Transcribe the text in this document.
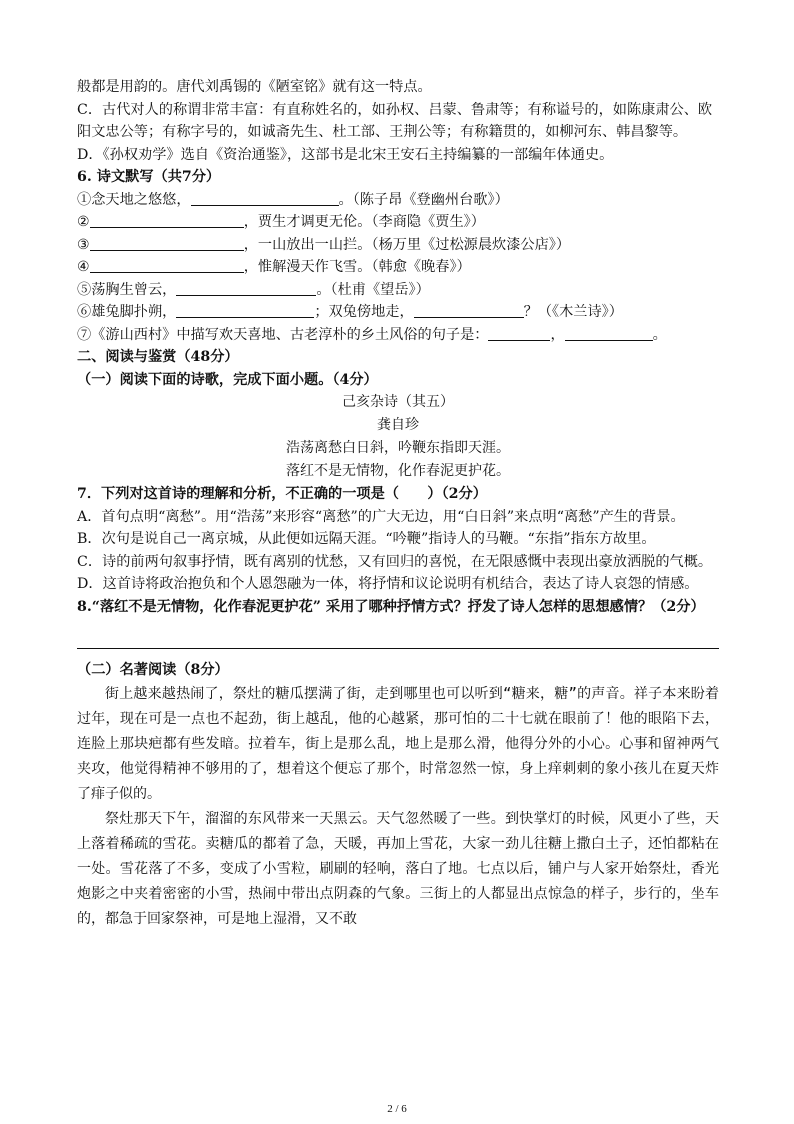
般都是用韵的。唐代刘禹锡的《陋室铭》就有这一特点。

C．古代对人的称谓非常丰富：有直称姓名的，如孙权、吕蒙、鲁肃等；有称谥号的，如陈康肃公、欧阳文忠公等；有称字号的，如诚斋先生、杜工部、王荆公等；有称籍贯的，如柳河东、韩昌黎等。

D．《孙权劝学》选自《资治通鉴》，这部书是北宋王安石主持编纂的一部编年体通史。

6. 诗文默写（共7分）

①念天地之悠悠，	。（陈子昂《登幽州台歌》）

②	，贾生才调更无伦。（李商隐《贾生》）

③	，一山放出一山拦。（杨万里《过松源晨炊漆公店》）

④	，惟解漫天作飞雪。（韩愈《晚春》）

⑤荡胸生曾云，	。（杜甫《望岳》）

⑥雄兔脚扑朔，	；双兔傍地走，	？（《木兰诗》）

⑦《游山西村》中描写欢天喜地、古老淳朴的乡土风俗的句子是：	，	。

二、阅读与鉴赏（48分）

（一）阅读下面的诗歌，完成下面小题。（4分）

己亥杂诗（其五）

龚自珍

浩荡离愁白日斜，吟鞭东指即天涯。

落红不是无情物，化作春泥更护花。

7．下列对这首诗的理解和分析，不正确的一项是（　　）（2分）

A．首句点明“离愁”。用“浩荡”来形容“离愁”的广大无边，用“白日斜”来点明“离愁”产生的背景。

B．次句是说自己一离京城，从此便如远隔天涯。“吟鞭”指诗人的马鞭。“东指”指东方故里。

C．诗的前两句叙事抒情，既有离别的忧愁，又有回归的喜悦，在无限感慨中表现出豪放洒脱的气概。

D．这首诗将政治抱负和个人恩怨融为一体，将抒情和议论说明有机结合，表达了诗人哀怨的情感。

8.“落红不是无情物，化作春泥更护花” 采用了哪种抒情方式？抒发了诗人怎样的思想感情？（2分）

（二）名著阅读（8分）

街上越来越热闹了，祭灶的糖瓜摆满了街，走到哪里也可以听到“糖来，糖”的声音。祥子本来盼着过年，现在可是一点也不起劲，街上越乱，他的心越紧，那可怕的二十七就在眼前了！他的眼陷下去，连脸上那块疤都有些发暗。拉着车，街上是那么乱，地上是那么滑，他得分外的小心。心事和留神两气夹攻，他觉得精神不够用的了，想着这个便忘了那个，时常忽然一惊，身上痒刺刺的象小孩儿在夏天炸了痱子似的。

祭灶那天下午，溜溜的东风带来一天黑云。天气忽然暖了一些。到快掌灯的时候，风更小了些，天上落着稀疏的雪花。卖糖瓜的都着了急，天暖，再加上雪花，大家一劲儿往糖上撒白土子，还怕都粘在一处。雪花落了不多，变成了小雪粒，刷刷的轻响，落白了地。七点以后，铺户与人家开始祭灶，香光炮影之中夹着密密的小雪，热闹中带出点阴森的气象。三街上的人都显出点惊急的样子，步行的，坐车的，都急于回家祭神，可是地上湿滑，又不敢

2 / 6
